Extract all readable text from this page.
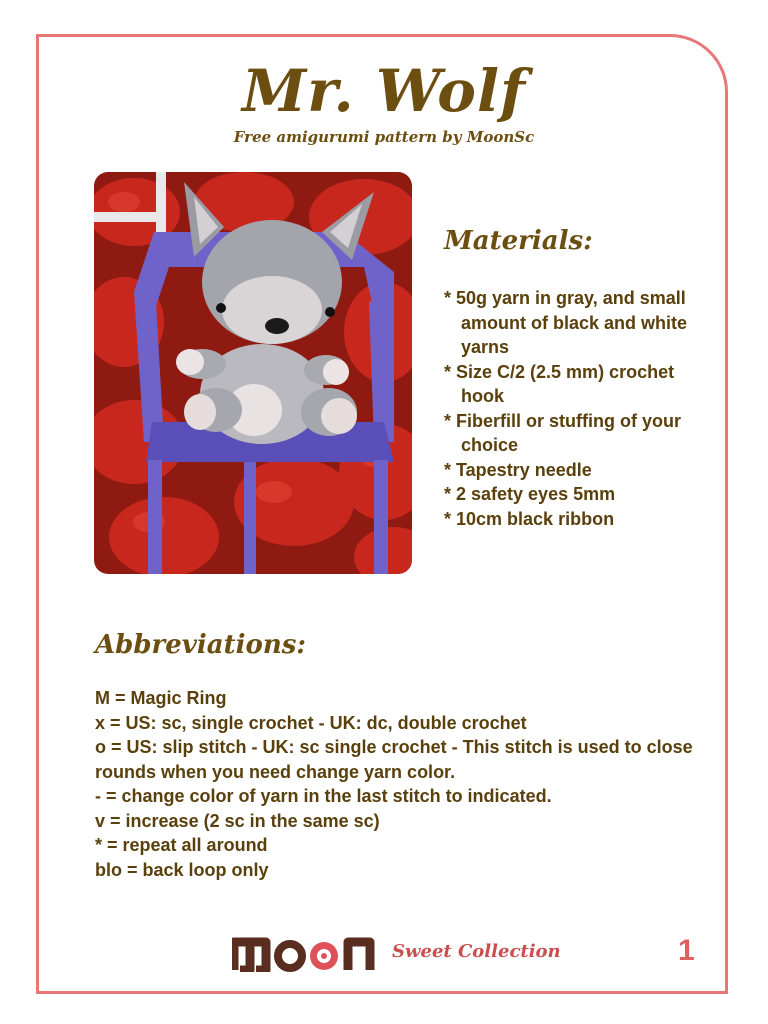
Mr. Wolf
Free amigurumi pattern by MoonSc
Materials:
* 50g yarn in gray, and small amount of black and white yarns
* Size C/2 (2.5 mm) crochet hook
* Fiberfill or stuffing of your choice
* Tapestry needle
* 2 safety eyes 5mm
* 10cm black ribbon
Abbreviations:
M = Magic Ring
x = US: sc, single crochet - UK: dc, double crochet
o = US: slip stitch - UK: sc single crochet - This stitch is used to close rounds when you need change yarn color.
- = change color of yarn in the last stitch to indicated.
v = increase (2 sc in the same sc)
* = repeat all around
blo = back loop only
Sweet Collection	1
